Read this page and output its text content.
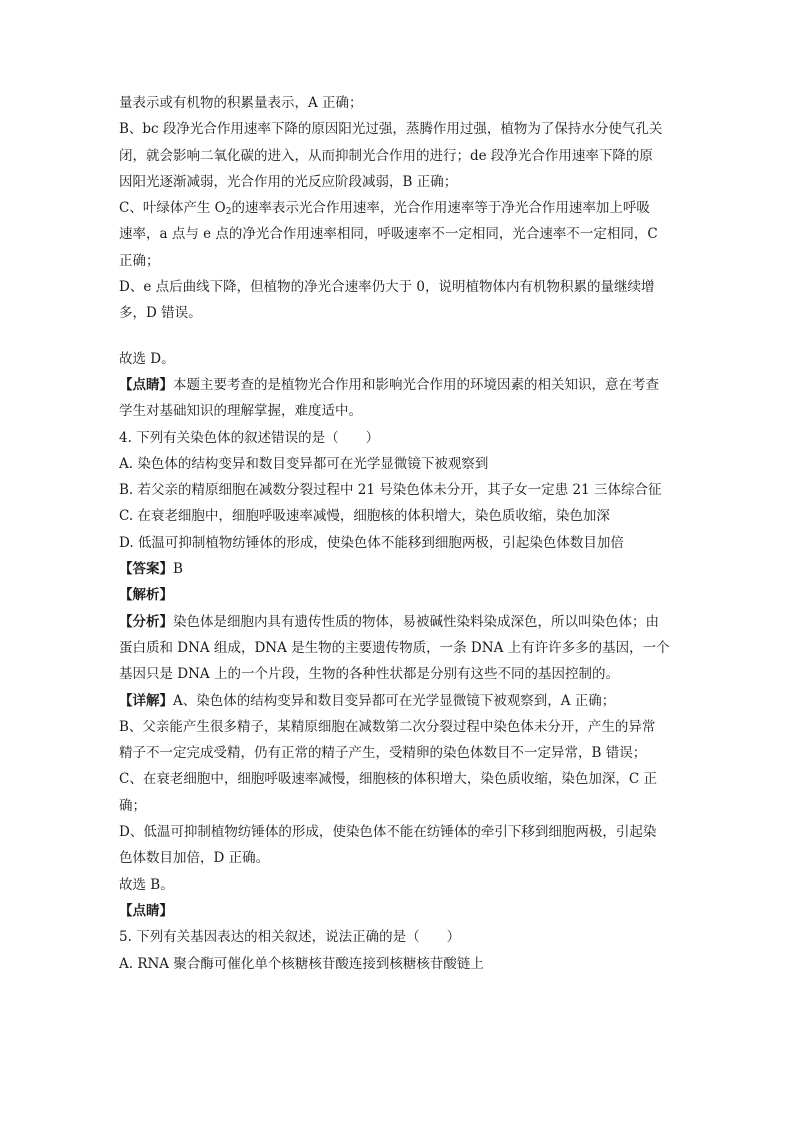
量表示或有机物的积累量表示，A 正确；
B、bc 段净光合作用速率下降的原因阳光过强，蒸腾作用过强，植物为了保持水分使气孔关
闭，就会影响二氧化碳的进入，从而抑制光合作用的进行；de 段净光合作用速率下降的原
因阳光逐渐减弱，光合作用的光反应阶段减弱，B 正确；
C、叶绿体产生 $O_2$的速率表示光合作用速率，光合作用速率等于净光合作用速率加上呼吸
速率，a 点与 e 点的净光合作用速率相同，呼吸速率不一定相同，光合速率不一定相同，C
正确；
D、e 点后曲线下降，但植物的净光合速率仍大于 0，说明植物体内有机物积累的量继续增
多，D 错误。
故选 D。
【点睛】本题主要考查的是植物光合作用和影响光合作用的环境因素的相关知识，意在考查
学生对基础知识的理解掌握，难度适中。
4. 下列有关染色体的叙述错误的是（　　）
A. 染色体的结构变异和数目变异都可在光学显微镜下被观察到
B. 若父亲的精原细胞在减数分裂过程中 21 号染色体未分开，其子女一定患 21 三体综合征
C. 在衰老细胞中，细胞呼吸速率减慢，细胞核的体积增大，染色质收缩，染色加深
D. 低温可抑制植物纺锤体的形成，使染色体不能移到细胞两极，引起染色体数目加倍
【答案】B
【解析】
【分析】染色体是细胞内具有遗传性质的物体，易被碱性染料染成深色，所以叫染色体；由
蛋白质和 DNA 组成，DNA 是生物的主要遗传物质，一条 DNA 上有许许多多的基因，一个
基因只是 DNA 上的一个片段，生物的各种性状都是分别有这些不同的基因控制的。
【详解】A、染色体的结构变异和数目变异都可在光学显微镜下被观察到，A 正确；
B、父亲能产生很多精子，某精原细胞在减数第二次分裂过程中染色体未分开，产生的异常
精子不一定完成受精，仍有正常的精子产生，受精卵的染色体数目不一定异常，B 错误；
C、在衰老细胞中，细胞呼吸速率减慢，细胞核的体积增大，染色质收缩，染色加深，C 正
确；
D、低温可抑制植物纺锤体的形成，使染色体不能在纺锤体的牵引下移到细胞两极，引起染
色体数目加倍，D 正确。
故选 B。
【点睛】
5. 下列有关基因表达的相关叙述，说法正确的是（　　）
A. RNA 聚合酶可催化单个核糖核苷酸连接到核糖核苷酸链上
